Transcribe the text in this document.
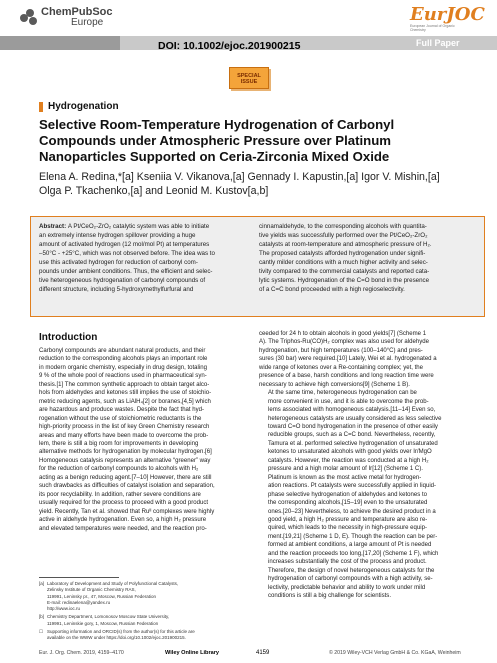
ChemPubSoc
Europe
DOI: 10.1002/ejoc.201900215
EurJOC
European Journal of Organic Chemistry
Full Paper
SPECIAL
ISSUE
Hydrogenation
Selective Room-Temperature Hydrogenation of Carbonyl Compounds under Atmospheric Pressure over Platinum Nanoparticles Supported on Ceria-Zirconia Mixed Oxide
Elena A. Redina,*[a] Kseniia V. Vikanova,[a] Gennady I. Kapustin,[a] Igor V. Mishin,[a]
Olga P. Tkachenko,[a] and Leonid M. Kustov[a,b]
Abstract: A Pt/CeO₂-ZrO₂ catalytic system was able to initiate
an extremely intense hydrogen spillover providing a huge
amount of activated hydrogen (12 mol/mol Pt) at temperatures
–50°C - +25°C, which was not observed before. The idea was to
use this activated hydrogen for reduction of carbonyl com-
pounds under ambient conditions. Thus, the efficient and selec-
tive heterogeneous hydrogenation of carbonyl compounds of
different structure, including 5-hydroxymethylfurfural and
cinnamaldehyde, to the corresponding alcohols with quantita-
tive yields was successfully performed over the Pt/CeO₂-ZrO₂
catalysts at room-temperature and atmospheric pressure of H₂.
The proposed catalysts afforded hydrogenation under signifi-
cantly milder conditions with a much higher activity and selec-
tivity compared to the commercial catalysts and reported cata-
lytic systems. Hydrogenation of the C=O bond in the presence
of a C=C bond proceeded with a high regioselectivity.
Introduction
Carbonyl compounds are abundant natural products, and their
reduction to the corresponding alcohols plays an important role
in modern organic chemistry, especially in drug design, totaling
9 % of the whole pool of reactions used in pharmaceutical syn-
thesis.[1] The common synthetic approach to obtain target alco-
hols from aldehydes and ketones still implies the use of stoichio-
metric reducing agents, such as LiAlH₄[2] or boranes,[4,5] which
are hazardous and produce wastes. Despite the fact that hyd-
rogenation without the use of stoichiometric reductants is the
high-priority process in the list of key Green Chemistry research
areas and many efforts have been made to overcome the prob-
lem, there is still a big room for improvements in developing
alternative methods for hydrogenation by molecular hydrogen.[6]
Homogeneous catalysis represents an alternative “greener” way
for the reduction of carbonyl compounds to alcohols with H₂
acting as a benign reducing agent.[7–10] However, there are still
such drawbacks as difficulties of catalyst isolation and separation,
its poor recyclability. In addition, rather severe conditions are
usually required for the process to proceed with a good product
yield. Recently, Tan et al. showed that Ruᴵᴵ complexes were highly
active in aldehyde hydrogenation. Even so, a high H₂ pressure
and elevated temperatures were needed, and the reaction pro-
ceeded for 24 h to obtain alcohols in good yields[7] (Scheme 1
A). The Triphos-Ru(CO)H₂ complex was also used for aldehyde
hydrogenation, but high temperatures (100–140°C) and pres-
sures (30 bar) were required.[10] Lately, Wei et al. hydrogenated a
wide range of ketones over a Re-containing complex; yet, the
presence of a base, harsh conditions and long reaction time were
necessary to achieve high conversions[9] (Scheme 1 B).
At the same time, heterogeneous hydrogenation can be
more convenient in use, and it is able to overcome the prob-
lems associated with homogeneous catalysis.[11–14] Even so,
heterogeneous catalysts are usually considered as less selective
toward C=O bond hydrogenation in the presence of other easily
reducible groups, such as a C=C bond. Nevertheless, recently,
Tamura et al. performed selective hydrogenation of unsaturated
ketones to unsaturated alcohols with good yields over Ir/MgO
catalysts. However, the reaction was conducted at a high H₂
pressure and a high molar amount of Ir[12] (Scheme 1 C).
Platinum is known as the most active metal for hydrogen-
ation reactions. Pt catalysts were successfully applied in liquid-
phase selective hydrogenation of aldehydes and ketones to
the corresponding alcohols,[15–19] even to the unsaturated
ones.[20–23] Nevertheless, to achieve the desired product in a
good yield, a high H₂ pressure and temperature are also re-
quired, which leads to the necessity in high-pressure equip-
ment.[19,21] (Scheme 1 D, E). Though the reaction can be per-
formed at ambient conditions, a large amount of Pt is needed
and the reaction proceeds too long,[17,20] (Scheme 1 F), which
increases substantially the cost of the process and product.
Therefore, the design of novel heterogeneous catalysts for the
hydrogenation of carbonyl compounds with a high activity, se-
lectivity, predictable behavior and ability to work under mild
conditions is still a big challenge for scientists.
[a] Laboratory of Development and Study of Polyfunctional Catalysts,
Zelinsky Institute of Organic Chemistry RAS,
119991, Leninsky pr., 47, Moscow, Russian Federation
E-mail: redinaelena@yandex.ru
http://www.ioc.ru
[b] Chemistry Department, Lomonosov Moscow State University,
119991, Leninskie gory, 1, Moscow, Russian Federation
☐ Supporting information and ORCID(s) from the author(s) for this article are
available on the WWW under https://doi.org/10.1002/ejoc.201900215.
Eur. J. Org. Chem. 2019, 4159–4170	Wiley Online Library	4159	© 2019 Wiley-VCH Verlag GmbH & Co. KGaA, Weinheim
